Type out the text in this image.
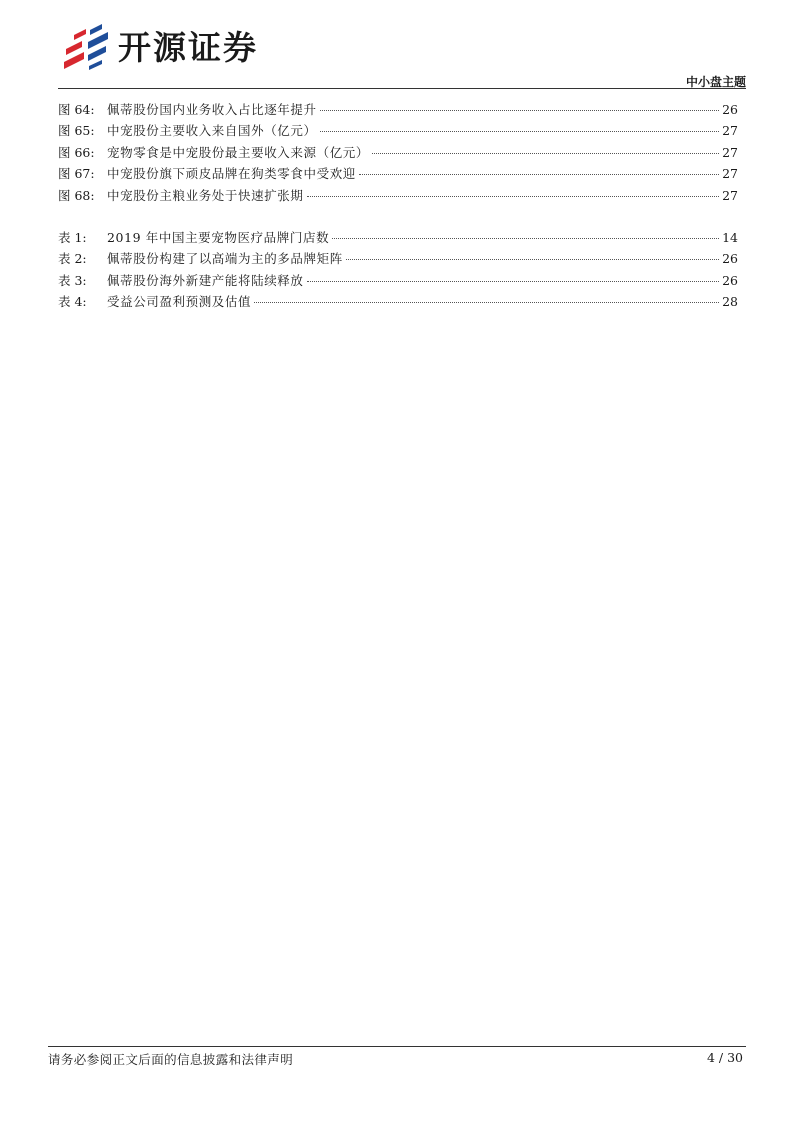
开源证券
中小盘主题
图 64: 佩蒂股份国内业务收入占比逐年提升	26
图 65: 中宠股份主要收入来自国外（亿元）	27
图 66: 宠物零食是中宠股份最主要收入来源（亿元）	27
图 67: 中宠股份旗下顽皮品牌在狗类零食中受欢迎	27
图 68: 中宠股份主粮业务处于快速扩张期	27
表 1:	2019 年中国主要宠物医疗品牌门店数	14
表 2:	佩蒂股份构建了以高端为主的多品牌矩阵	26
表 3:	佩蒂股份海外新建产能将陆续释放	26
表 4:	受益公司盈利预测及估值	28
请务必参阅正文后面的信息披露和法律声明	4 / 30
